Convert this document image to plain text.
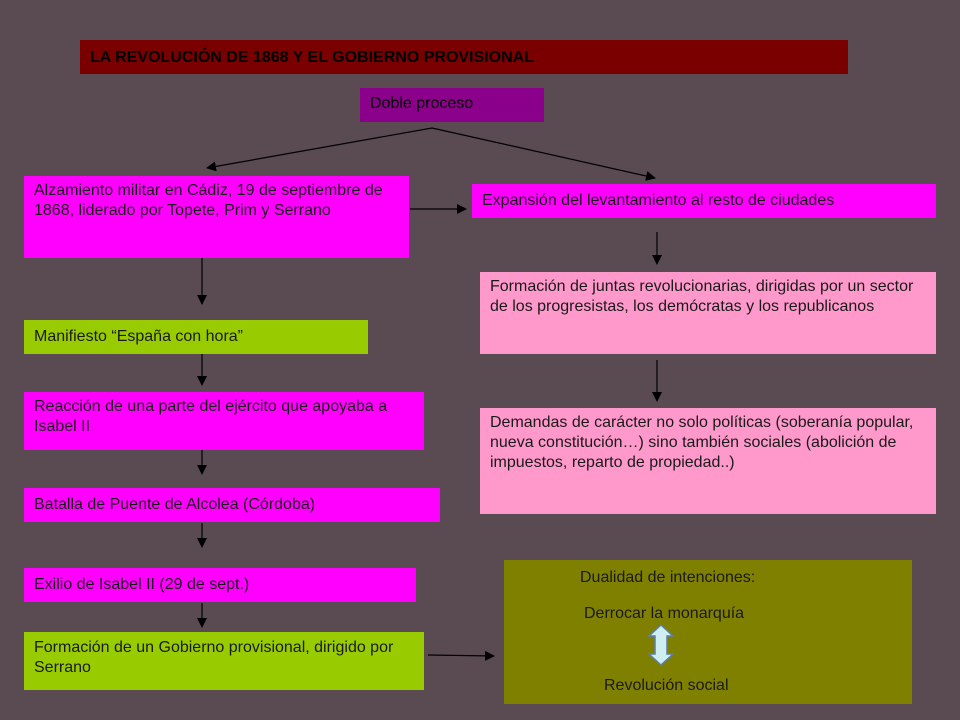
LA REVOLUCIÓN DE 1868 Y EL GOBIERNO PROVISIONAL
Doble proceso
Alzamiento militar en Cádiz, 19 de septiembre de 1868, liderado por Topete, Prim y Serrano
Expansión del levantamiento al resto de ciudades
Formación de juntas revolucionarias, dirigidas por un sector de los progresistas, los demócratas y los republicanos
Manifiesto “España con hora”
Reacción de una parte del ejército que apoyaba a Isabel II	Demandas de carácter no solo políticas (soberanía popular, nueva constitución…) sino también sociales (abolición de impuestos, reparto de propiedad..)
Batalla de Puente de Alcolea (Córdoba)
Exilio de Isabel II (29 de sept.)
Formación de un Gobierno provisional, dirigido por Serrano
Dualidad de intenciones:
Derrocar la monarquía
Revolución social
